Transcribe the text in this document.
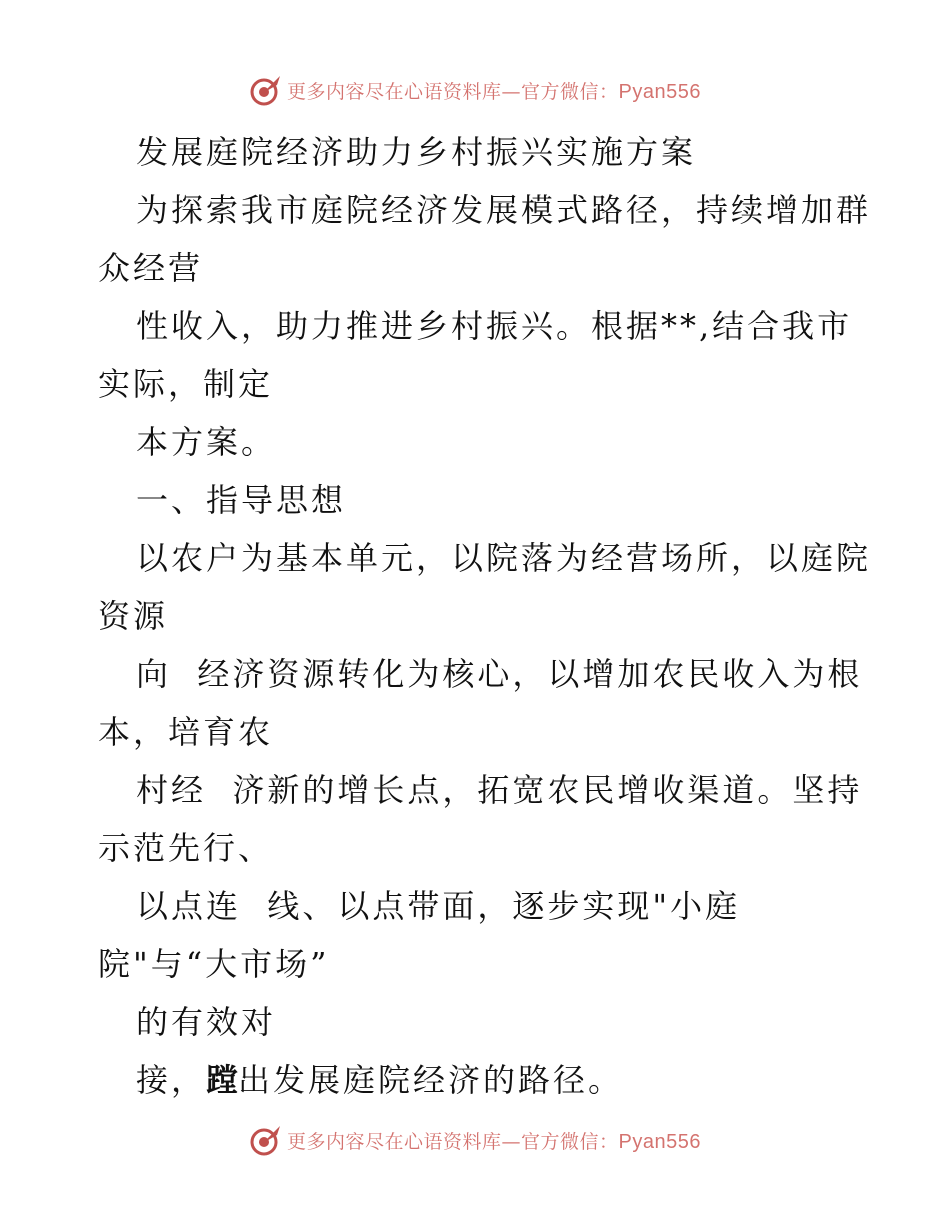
更多内容尽在心语资料库—官方微信：Pyan556
发展庭院经济助力乡村振兴实施方案
为探索我市庭院经济发展模式路径，持续增加群
众经营
性收入，助力推进乡村振兴。根据**,结合我市
实际，制定
本方案。
一、指导思想
以农户为基本单元，以院落为经营场所，以庭院
资源
向  经济资源转化为核心，以增加农民收入为根
本，培育农
村经  济新的增长点，拓宽农民增收渠道。坚持
示范先行、
以点连  线、以点带面，逐步实现"小庭
院"与“大市场”
的有效对
接，蹚出发展庭院经济的路径。
更多内容尽在心语资料库—官方微信：Pyan556
